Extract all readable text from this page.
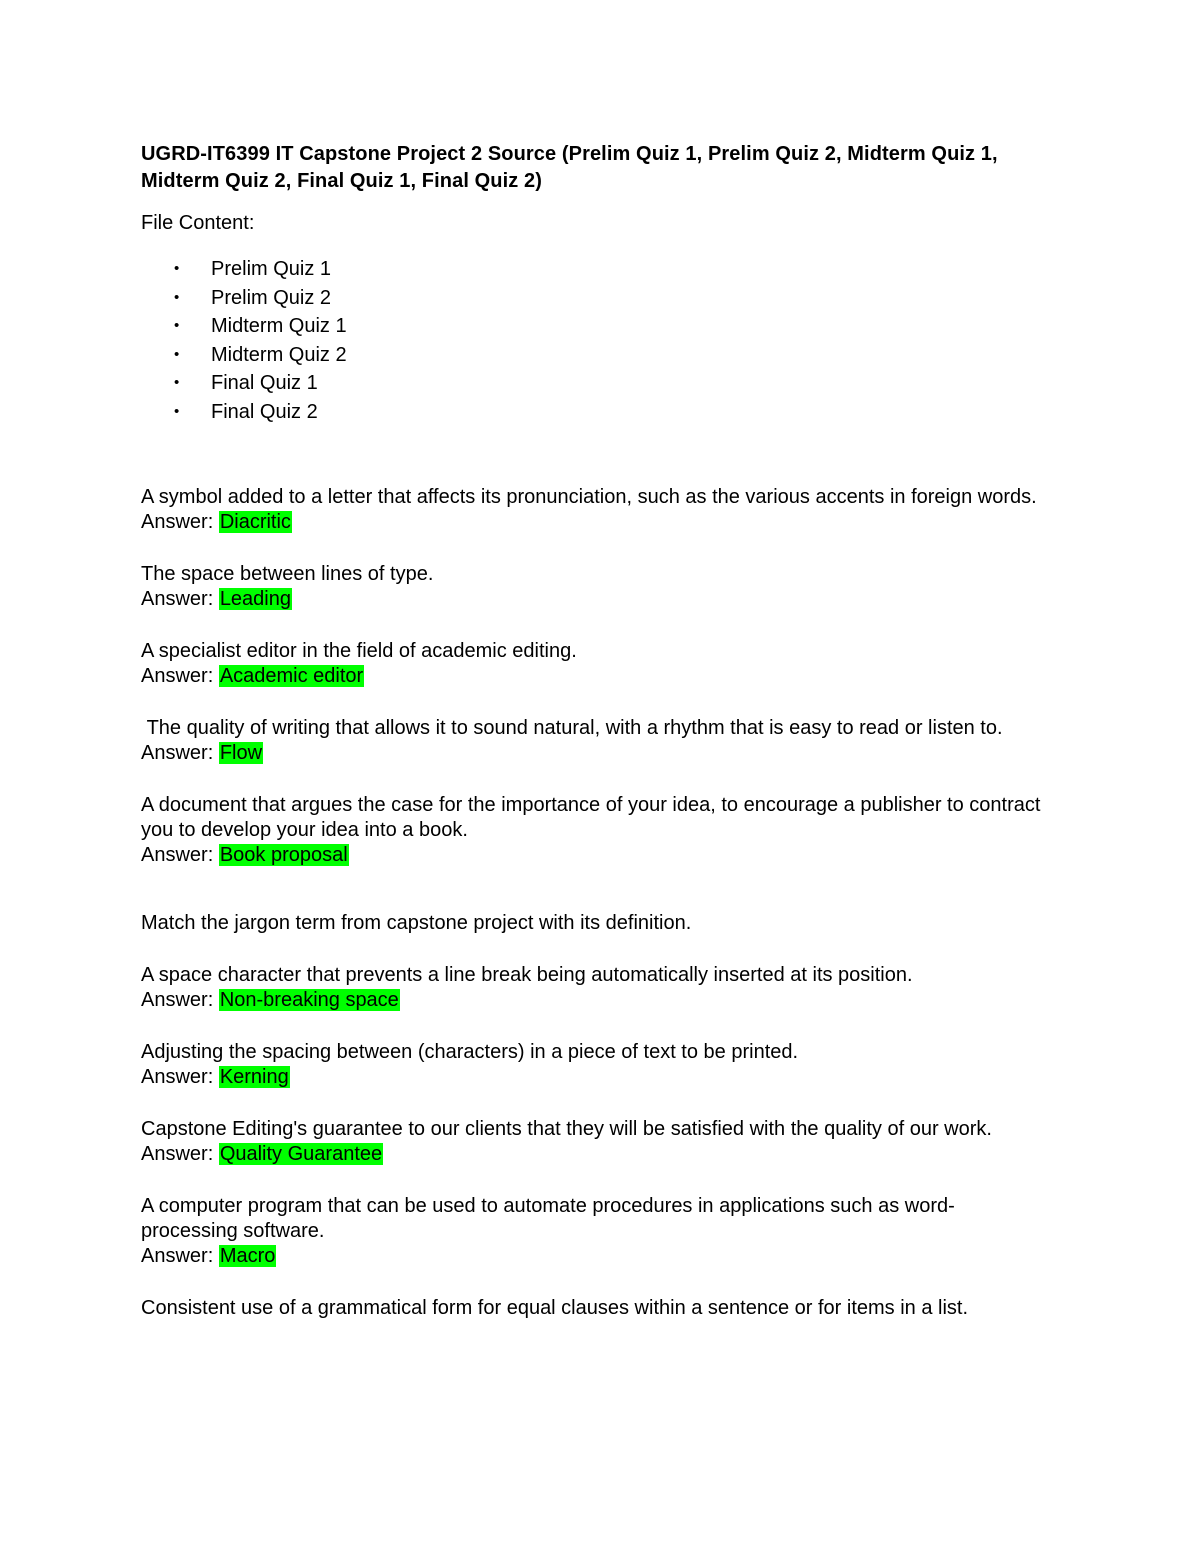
UGRD-IT6399 IT Capstone Project 2 Source (Prelim Quiz 1, Prelim Quiz 2, Midterm Quiz 1,
Midterm Quiz 2, Final Quiz 1, Final Quiz 2)
File Content:
• Prelim Quiz 1
• Prelim Quiz 2
• Midterm Quiz 1
• Midterm Quiz 2
• Final Quiz 1
• Final Quiz 2
A symbol added to a letter that affects its pronunciation, such as the various accents in foreign words.
Answer: Diacritic
The space between lines of type.
Answer: Leading
A specialist editor in the field of academic editing.
Answer: Academic editor
The quality of writing that allows it to sound natural, with a rhythm that is easy to read or listen to.
Answer: Flow
A document that argues the case for the importance of your idea, to encourage a publisher to contract you to develop your idea into a book.
Answer: Book proposal
Match the jargon term from capstone project with its definition.
A space character that prevents a line break being automatically inserted at its position.
Answer: Non-breaking space
Adjusting the spacing between (characters) in a piece of text to be printed.
Answer: Kerning
Capstone Editing's guarantee to our clients that they will be satisfied with the quality of our work.
Answer: Quality Guarantee
A computer program that can be used to automate procedures in applications such as word-processing software.
Answer: Macro
Consistent use of a grammatical form for equal clauses within a sentence or for items in a list.
